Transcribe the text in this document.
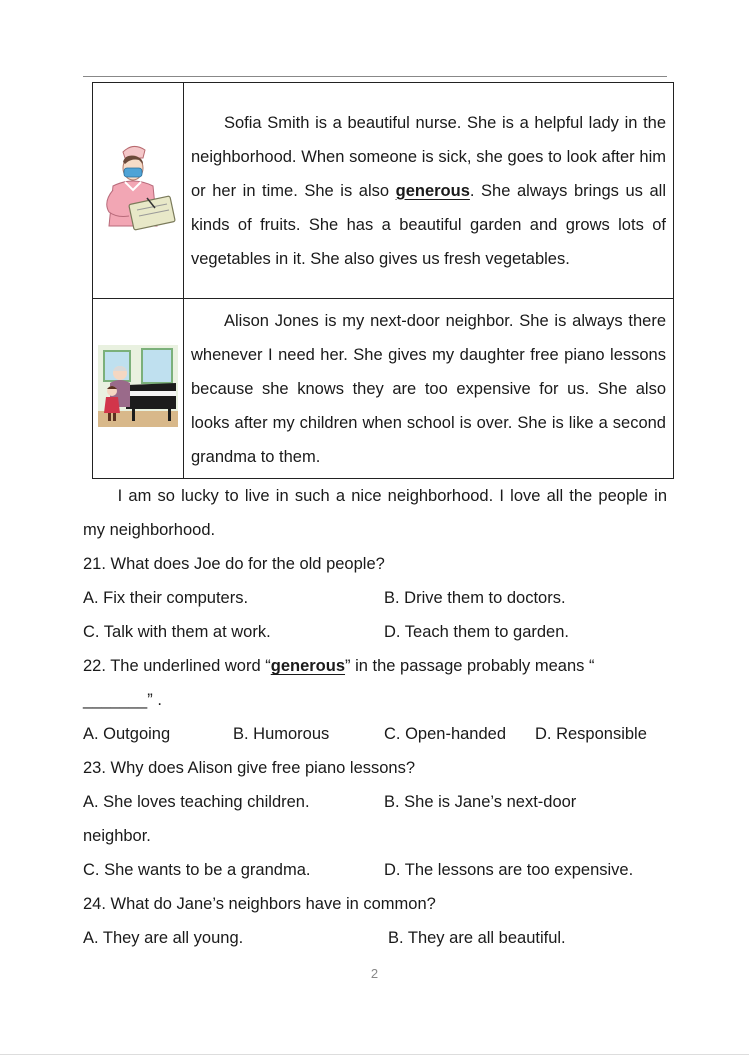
	Sofia Smith is a beautiful nurse. She is a helpful lady in the neighborhood. When someone is sick, she goes to look after him or her in time. She is also generous. She always brings us all kinds of fruits. She has a beautiful garden and grows lots of vegetables in it. She also gives us fresh vegetables.
	Alison Jones is my next-door neighbor. She is always there whenever I need her. She gives my daughter free piano lessons because she knows they are too expensive for us. She also looks after my children when school is over. She is like a second grandma to them.
I am so lucky to live in such a nice neighborhood. I love all the people in my neighborhood.
21. What does Joe do for the old people?
A. Fix their computers.	B. Drive them to doctors.
C. Talk with them at work.	D. Teach them to garden.
22. The underlined word “generous” in the passage probably means “
_______” .
A. Outgoing	B. Humorous	C. Open-handed D. Responsible
23. Why does Alison give free piano lessons?
A. She loves teaching children.	B. She is Jane’s next-door
neighbor.
C. She wants to be a grandma.	D. The lessons are too expensive.
24. What do Jane’s neighbors have in common?
A. They are all young.	B. They are all beautiful.
2
